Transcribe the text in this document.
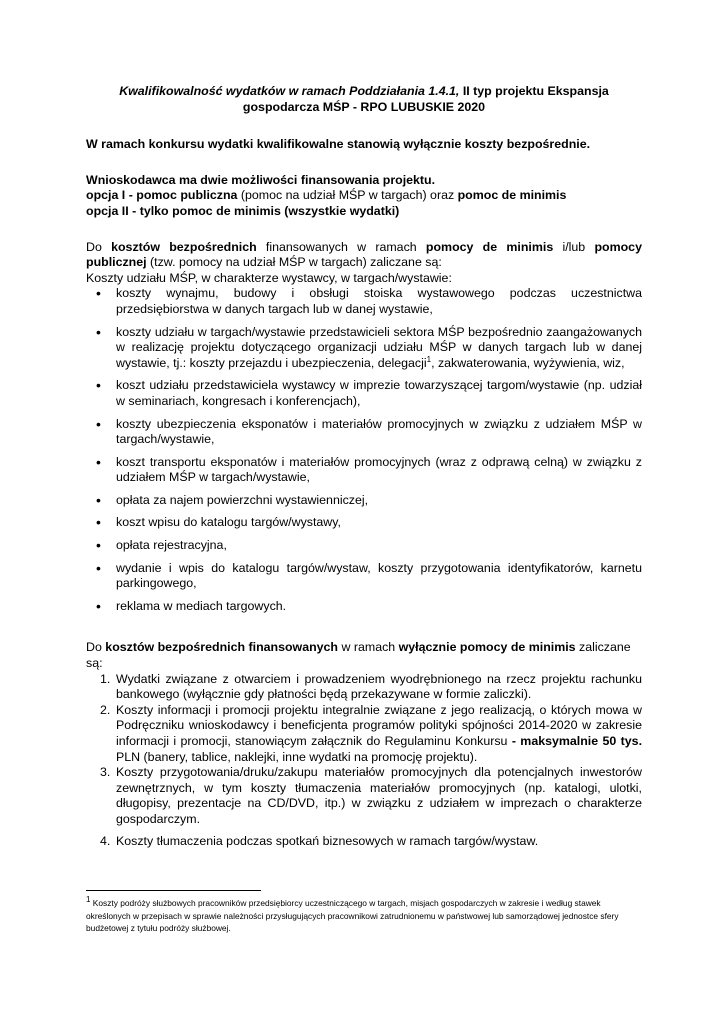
Kwalifikowalność wydatków w ramach Poddziałania 1.4.1, II typ projektu Ekspansja gospodarcza MŚP - RPO LUBUSKIE 2020

W ramach konkursu wydatki kwalifikowalne stanowią wyłącznie koszty bezpośrednie.

Wnioskodawca ma dwie możliwości finansowania projektu.

opcja I - pomoc publiczna (pomoc na udział MŚP w targach) oraz pomoc de minimis

opcja II - tylko pomoc de minimis (wszystkie wydatki)

Do kosztów bezpośrednich finansowanych w ramach pomocy de minimis i/lub pomocy publicznej (tzw. pomocy na udział MŚP w targach) zaliczane są:

Koszty udziału MŚP, w charakterze wystawcy, w targach/wystawie:

• koszty wynajmu, budowy i obsługi stoiska wystawowego podczas uczestnictwa przedsiębiorstwa w danych targach lub w danej wystawie,
• koszty udziału w targach/wystawie przedstawicieli sektora MŚP bezpośrednio zaangażowanych w realizację projektu dotyczącego organizacji udziału MŚP w danych targach lub w danej wystawie, tj.: koszty przejazdu i ubezpieczenia, delegacji$^1$, zakwaterowania, wyżywienia, wiz,
• koszt udziału przedstawiciela wystawcy w imprezie towarzyszącej targom/wystawie (np. udział w seminariach, kongresach i konferencjach),
• koszty ubezpieczenia eksponatów i materiałów promocyjnych w związku z udziałem MŚP w targach/wystawie,
• koszt transportu eksponatów i materiałów promocyjnych (wraz z odprawą celną) w związku z udziałem MŚP w targach/wystawie,
• opłata za najem powierzchni wystawienniczej,
• koszt wpisu do katalogu targów/wystawy,
• opłata rejestracyjna,
• wydanie i wpis do katalogu targów/wystaw, koszty przygotowania identyfikatorów, karnetu parkingowego,
• reklama w mediach targowych.

Do kosztów bezpośrednich finansowanych w ramach wyłącznie pomocy de minimis zaliczane są:

1. Wydatki związane z otwarciem i prowadzeniem wyodrębnionego na rzecz projektu rachunku bankowego (wyłącznie gdy płatności będą przekazywane w formie zaliczki).
2. Koszty informacji i promocji projektu integralnie związane z jego realizacją, o których mowa w Podręczniku wnioskodawcy i beneficjenta programów polityki spójności 2014-2020 w zakresie informacji i promocji, stanowiącym załącznik do Regulaminu Konkursu - maksymalnie 50 tys. PLN (banery, tablice, naklejki, inne wydatki na promocję projektu).
3. Koszty przygotowania/druku/zakupu materiałów promocyjnych dla potencjalnych inwestorów zewnętrznych, w tym koszty tłumaczenia materiałów promocyjnych (np. katalogi, ulotki, długopisy, prezentacje na CD/DVD, itp.) w związku z udziałem w imprezach o charakterze gospodarczym.
4. Koszty tłumaczenia podczas spotkań biznesowych w ramach targów/wystaw.
$^1$ Koszty podróży służbowych pracowników przedsiębiorcy uczestniczącego w targach, misjach gospodarczych w zakresie i według stawek określonych w przepisach w sprawie należności przysługujących pracownikowi zatrudnionemu w państwowej lub samorządowej jednostce sfery budżetowej z tytułu podróży służbowej.
